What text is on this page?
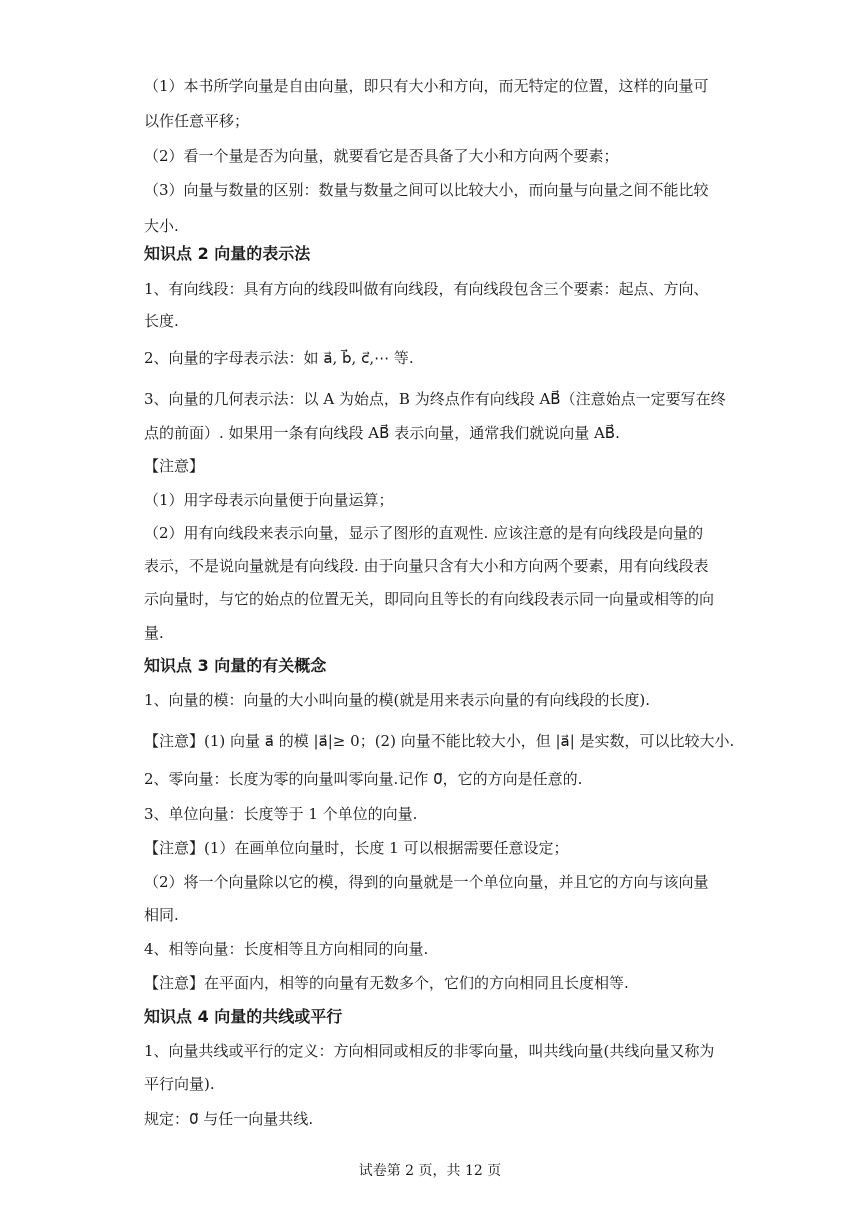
（1）本书所学向量是自由向量，即只有大小和方向，而无特定的位置，这样的向量可
以作任意平移；
（2）看一个量是否为向量，就要看它是否具备了大小和方向两个要素；
（3）向量与数量的区别：数量与数量之间可以比较大小，而向量与向量之间不能比较
大小.
知识点 2 向量的表示法
1、有向线段：具有方向的线段叫做有向线段，有向线段包含三个要素：起点、方向、
长度.
2、向量的字母表示法：如 a⃗, b⃗, c⃗,⋯ 等.
3、向量的几何表示法：以 A 为始点，B 为终点作有向线段 AB⃗（注意始点一定要写在终
点的前面）. 如果用一条有向线段 AB⃗ 表示向量，通常我们就说向量 AB⃗.
【注意】
（1）用字母表示向量便于向量运算；
（2）用有向线段来表示向量，显示了图形的直观性. 应该注意的是有向线段是向量的
表示，不是说向量就是有向线段. 由于向量只含有大小和方向两个要素，用有向线段表
示向量时，与它的始点的位置无关，即同向且等长的有向线段表示同一向量或相等的向
量.
知识点 3 向量的有关概念
1、向量的模：向量的大小叫向量的模(就是用来表示向量的有向线段的长度).
【注意】(1) 向量 a⃗ 的模 |a⃗|≥ 0；(2) 向量不能比较大小，但 |a⃗| 是实数，可以比较大小.
2、零向量：长度为零的向量叫零向量.记作 0⃗，它的方向是任意的.
3、单位向量：长度等于 1 个单位的向量.
【注意】(1）在画单位向量时，长度 1 可以根据需要任意设定；
（2）将一个向量除以它的模，得到的向量就是一个单位向量，并且它的方向与该向量
相同.
4、相等向量：长度相等且方向相同的向量.
【注意】在平面内，相等的向量有无数多个，它们的方向相同且长度相等.
知识点 4 向量的共线或平行
1、向量共线或平行的定义：方向相同或相反的非零向量，叫共线向量(共线向量又称为
平行向量).
规定：0⃗ 与任一向量共线.
试卷第 2 页，共 12 页
